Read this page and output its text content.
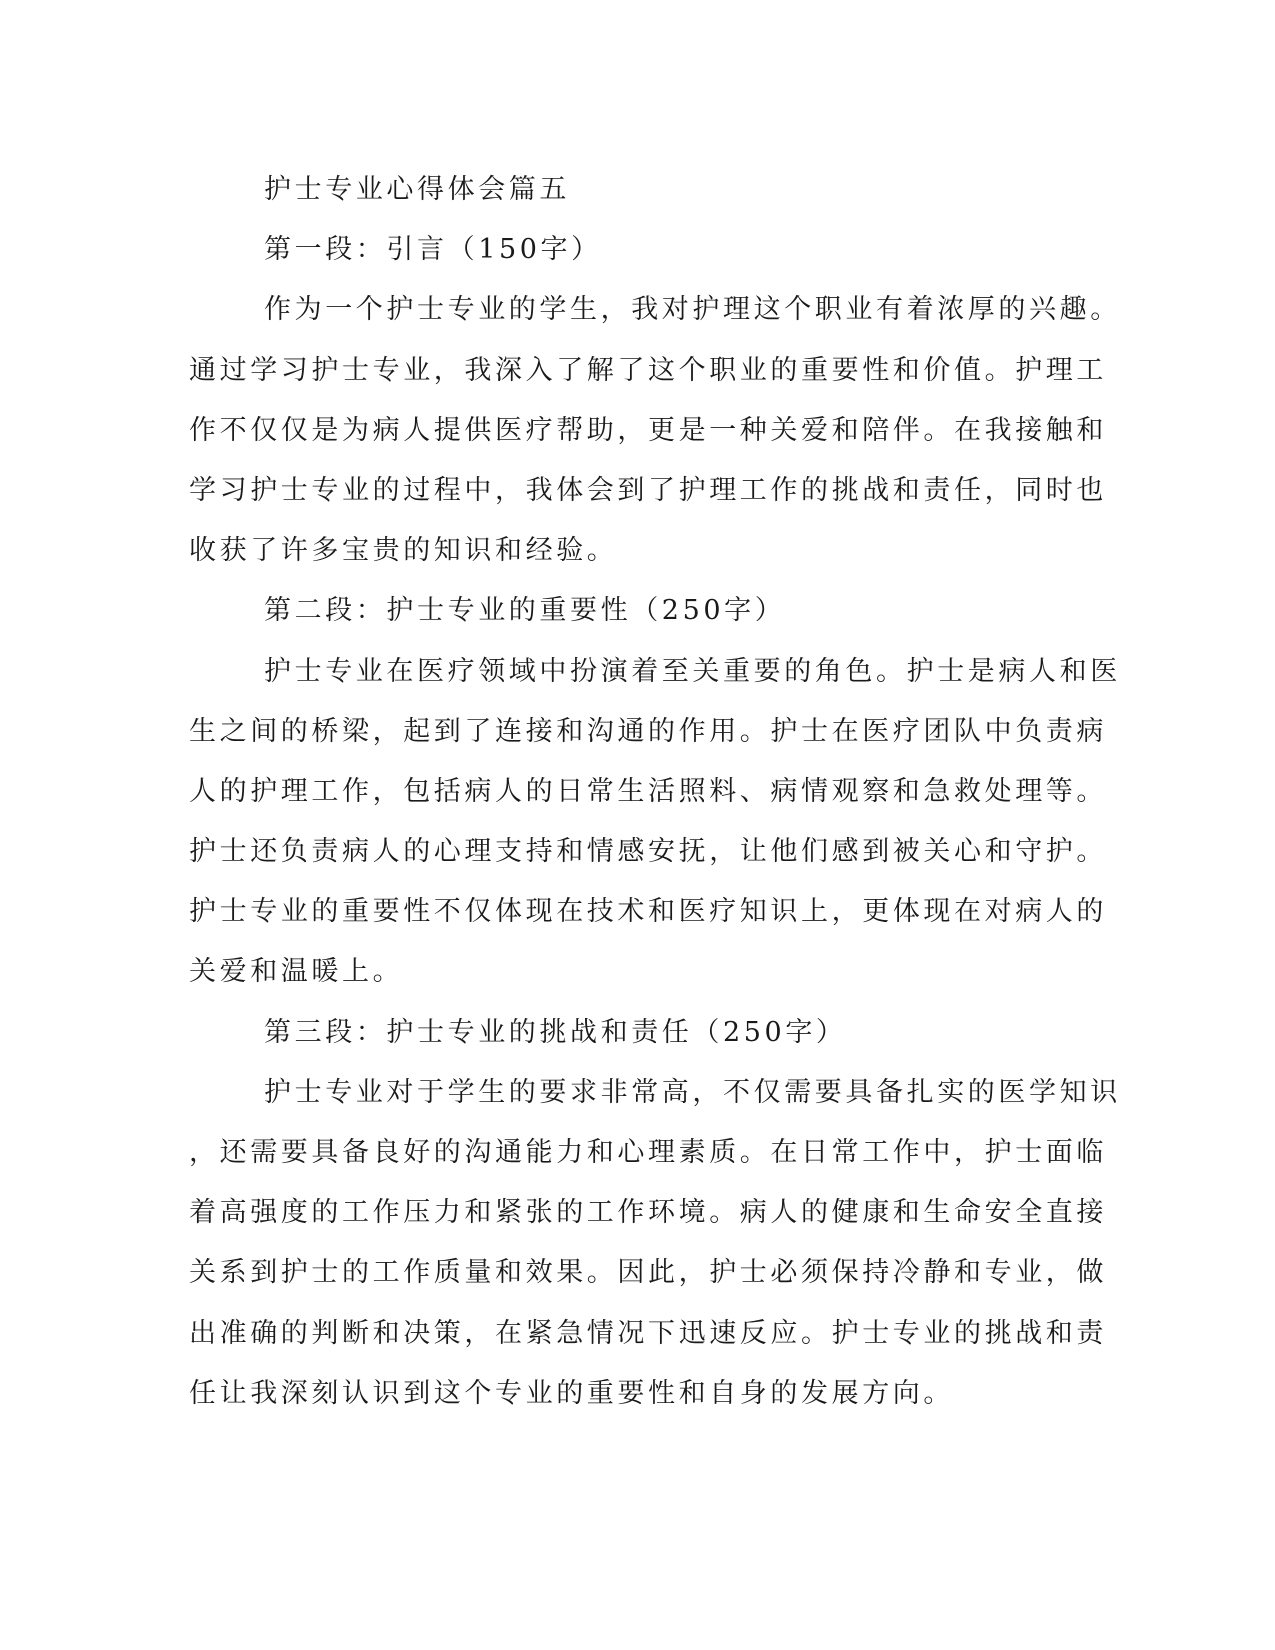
护士专业心得体会篇五
第一段：引言（150字）
作为一个护士专业的学生，我对护理这个职业有着浓厚的兴趣。
通过学习护士专业，我深入了解了这个职业的重要性和价值。护理工
作不仅仅是为病人提供医疗帮助，更是一种关爱和陪伴。在我接触和
学习护士专业的过程中，我体会到了护理工作的挑战和责任，同时也
收获了许多宝贵的知识和经验。
第二段：护士专业的重要性（250字）
护士专业在医疗领域中扮演着至关重要的角色。护士是病人和医
生之间的桥梁，起到了连接和沟通的作用。护士在医疗团队中负责病
人的护理工作，包括病人的日常生活照料、病情观察和急救处理等。
护士还负责病人的心理支持和情感安抚，让他们感到被关心和守护。
护士专业的重要性不仅体现在技术和医疗知识上，更体现在对病人的
关爱和温暖上。
第三段：护士专业的挑战和责任（250字）
护士专业对于学生的要求非常高，不仅需要具备扎实的医学知识
，还需要具备良好的沟通能力和心理素质。在日常工作中，护士面临
着高强度的工作压力和紧张的工作环境。病人的健康和生命安全直接
关系到护士的工作质量和效果。因此，护士必须保持冷静和专业，做
出准确的判断和决策，在紧急情况下迅速反应。护士专业的挑战和责
任让我深刻认识到这个专业的重要性和自身的发展方向。
